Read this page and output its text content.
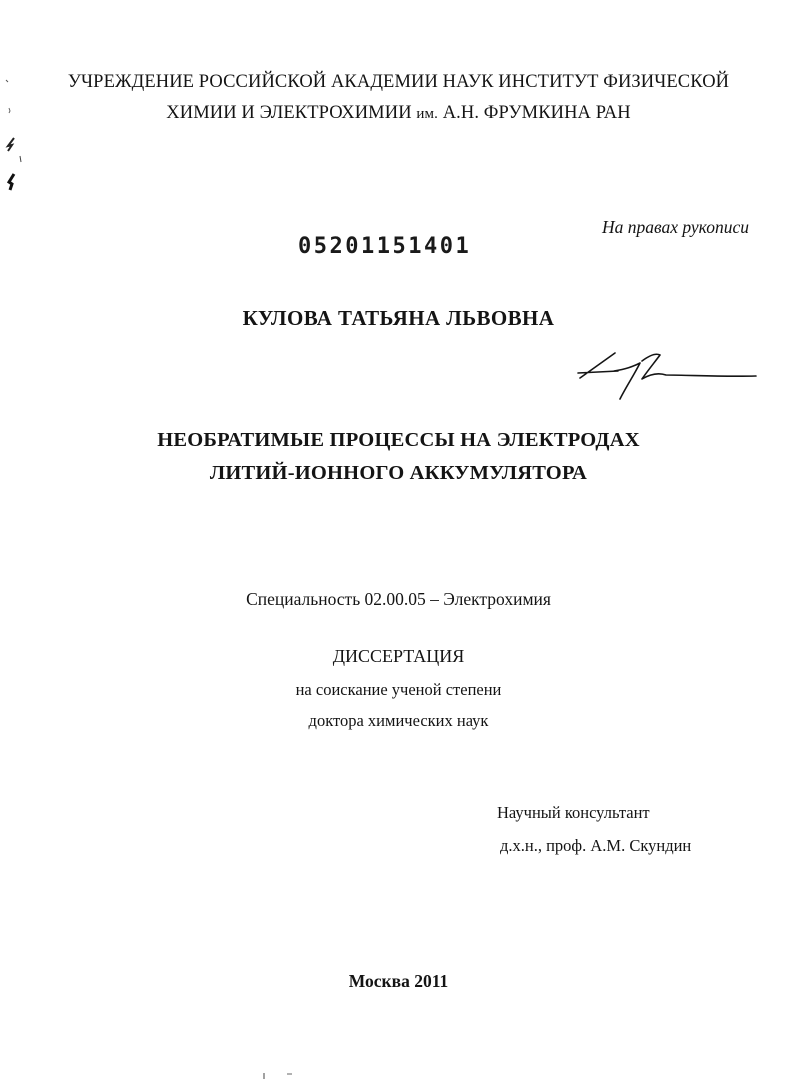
УЧРЕЖДЕНИЕ РОССИЙСКОЙ АКАДЕМИИ НАУК ИНСТИТУТ ФИЗИЧЕСКОЙ
ХИМИИ И ЭЛЕКТРОХИМИИ им. А.Н. ФРУМКИНА РАН
На правах рукописи
05201151401
КУЛОВА ТАТЬЯНА ЛЬВОВНА
НЕОБРАТИМЫЕ ПРОЦЕССЫ НА ЭЛЕКТРОДАХ
ЛИТИЙ-ИОННОГО АККУМУЛЯТОРА
Специальность 02.00.05 – Электрохимия
ДИССЕРТАЦИЯ
на соискание ученой степени
доктора химических наук
Научный консультант
д.х.н., проф. А.М. Скундин
Москва 2011
